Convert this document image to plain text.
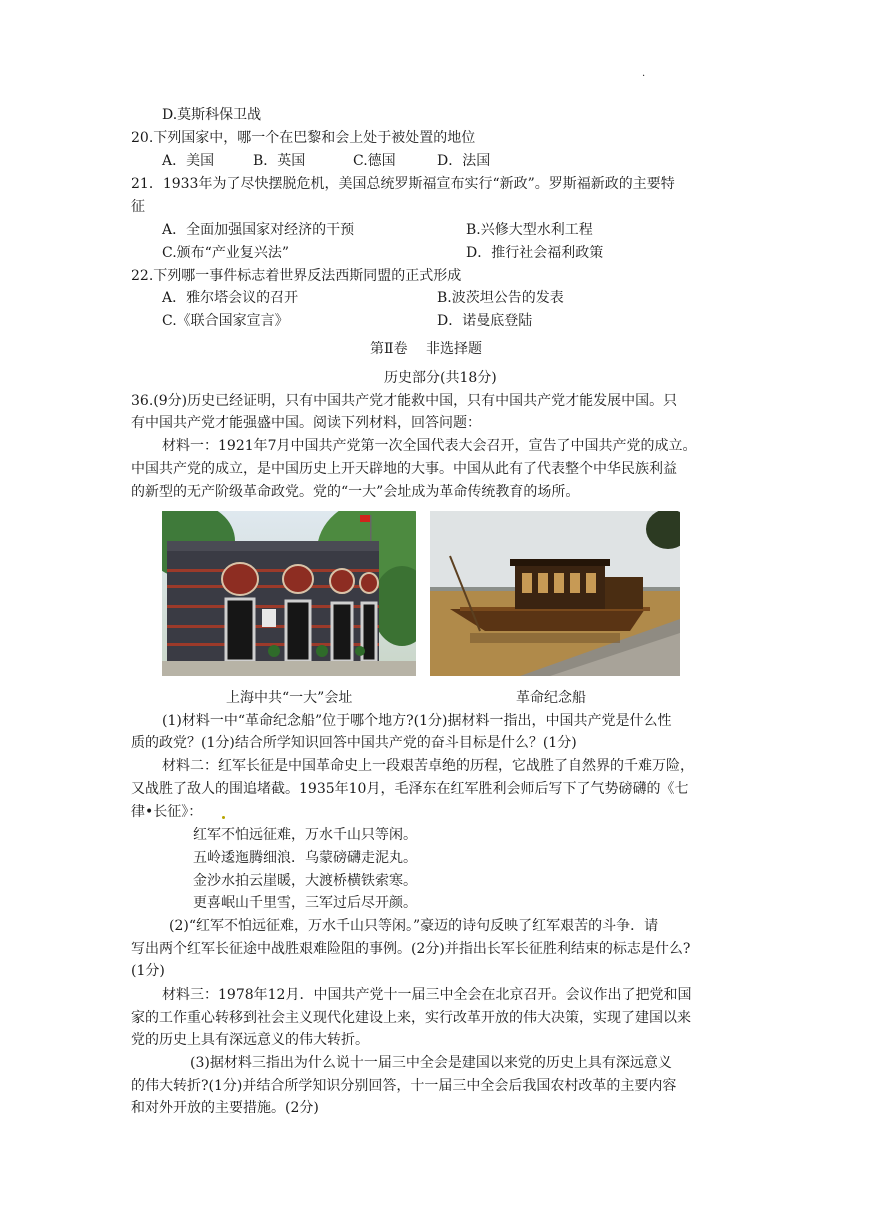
.
D.莫斯科保卫战
20.下列国家中，哪一个在巴黎和会上处于被处置的地位
A．美国	B．英国	C.德国	D．法国
21．1933年为了尽快摆脱危机，美国总统罗斯福宣布实行“新政”。罗斯福新政的主要特
征
A．全面加强国家对经济的干预	B.兴修大型水利工程
C.颁布“产业复兴法”	D．推行社会福利政策
22.下列哪一事件标志着世界反法西斯同盟的正式形成
A．雅尔塔会议的召开	B.波茨坦公告的发表
C.《联合国家宣言》	D．诺曼底登陆
第Ⅱ卷　 非选择题
历史部分(共18分)
36.(9分)历史已经证明，只有中国共产党才能救中国，只有中国共产党才能发展中国。只
有中国共产党才能强盛中国。阅读下列材料，回答问题：
材料一：1921年7月中国共产党第一次全国代表大会召开，宣告了中国共产党的成立。
中国共产党的成立，是中国历史上开天辟地的大事。中国从此有了代表整个中华民族利益
的新型的无产阶级革命政党。党的“一大”会址成为革命传统教育的场所。
上海中共“一大”会址	革命纪念船
(1)材料一中“革命纪念船”位于哪个地方?(1分)据材料一指出，中国共产党是什么性
质的政党？(1分)结合所学知识回答中国共产党的奋斗目标是什么？(1分)
材料二：红军长征是中国革命史上一段艰苦卓绝的历程，它战胜了自然界的千难万险，
又战胜了敌人的围追堵截。1935年10月，毛泽东在红军胜利会师后写下了气势磅礴的《七
律•长征》：
红军不怕远征难，万水千山只等闲。
五岭逶迤腾细浪．乌蒙磅礴走泥丸。
金沙水拍云崖暖，大渡桥横铁索寒。
更喜岷山千里雪，三军过后尽开颜。
(2)“红军不怕远征难，万水千山只等闲。”豪迈的诗句反映了红军艰苦的斗争．请
写出两个红军长征途中战胜艰难险阻的事例。(2分)并指出长军长征胜利结束的标志是什么?
(1分)
材料三：1978年12月．中国共产党十一届三中全会在北京召开。会议作出了把党和国
家的工作重心转移到社会主义现代化建设上来，实行改革开放的伟大决策，实现了建国以来
党的历史上具有深远意义的伟大转折。
(3)据材料三指出为什么说十一届三中全会是建国以来党的历史上具有深远意义
的伟大转折?(1分)并结合所学知识分别回答，十一届三中全会后我国农村改革的主要内容
和对外开放的主要措施。(2分)
